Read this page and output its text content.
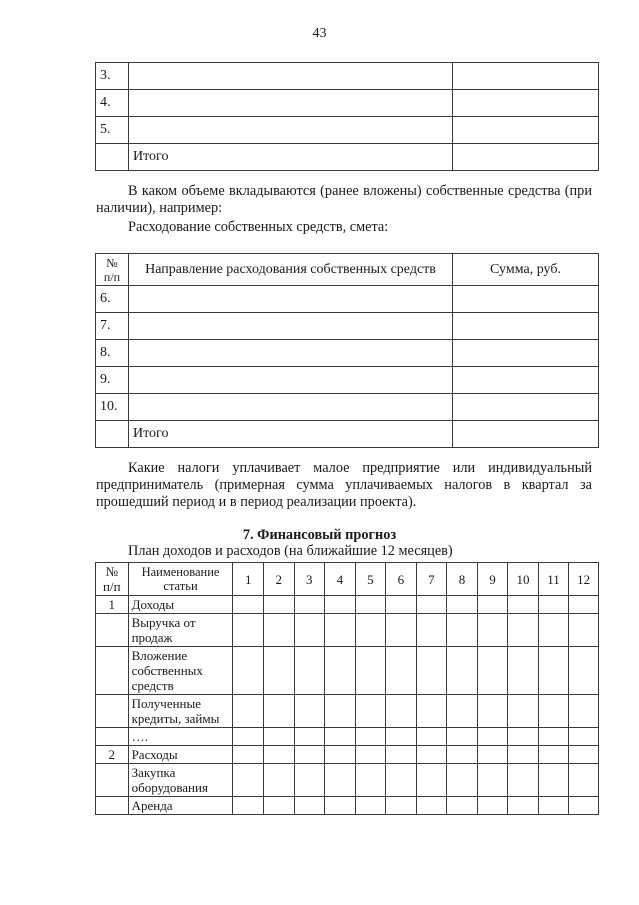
43
3.		
4.		
5.		
	Итого	

В каком объеме вкладываются (ранее вложены) собственные средства (при наличии), например:

Расходование собственных средств, смета:
№ п/п	Направление расходования собственных средств	Сумма, руб.
6.		
7.		
8.		
9.		
10.		
	Итого	

Какие налоги уплачивает малое предприятие или индивидуальный предприниматель (примерная сумма уплачиваемых налогов в квартал за прошедший период и в период реализации проекта).

7. Финансовый прогноз
План доходов и расходов (на ближайшие 12 месяцев)
№ п/п	Наименование статьи	1	2	3	4	5	6	7	8	9	10	11	12
1	Доходы												
	Выручка от продаж												
	Вложение собственных средств												
	Полученные кредиты, займы												
	….												
2	Расходы												
	Закупка оборудования												
	Аренда												
